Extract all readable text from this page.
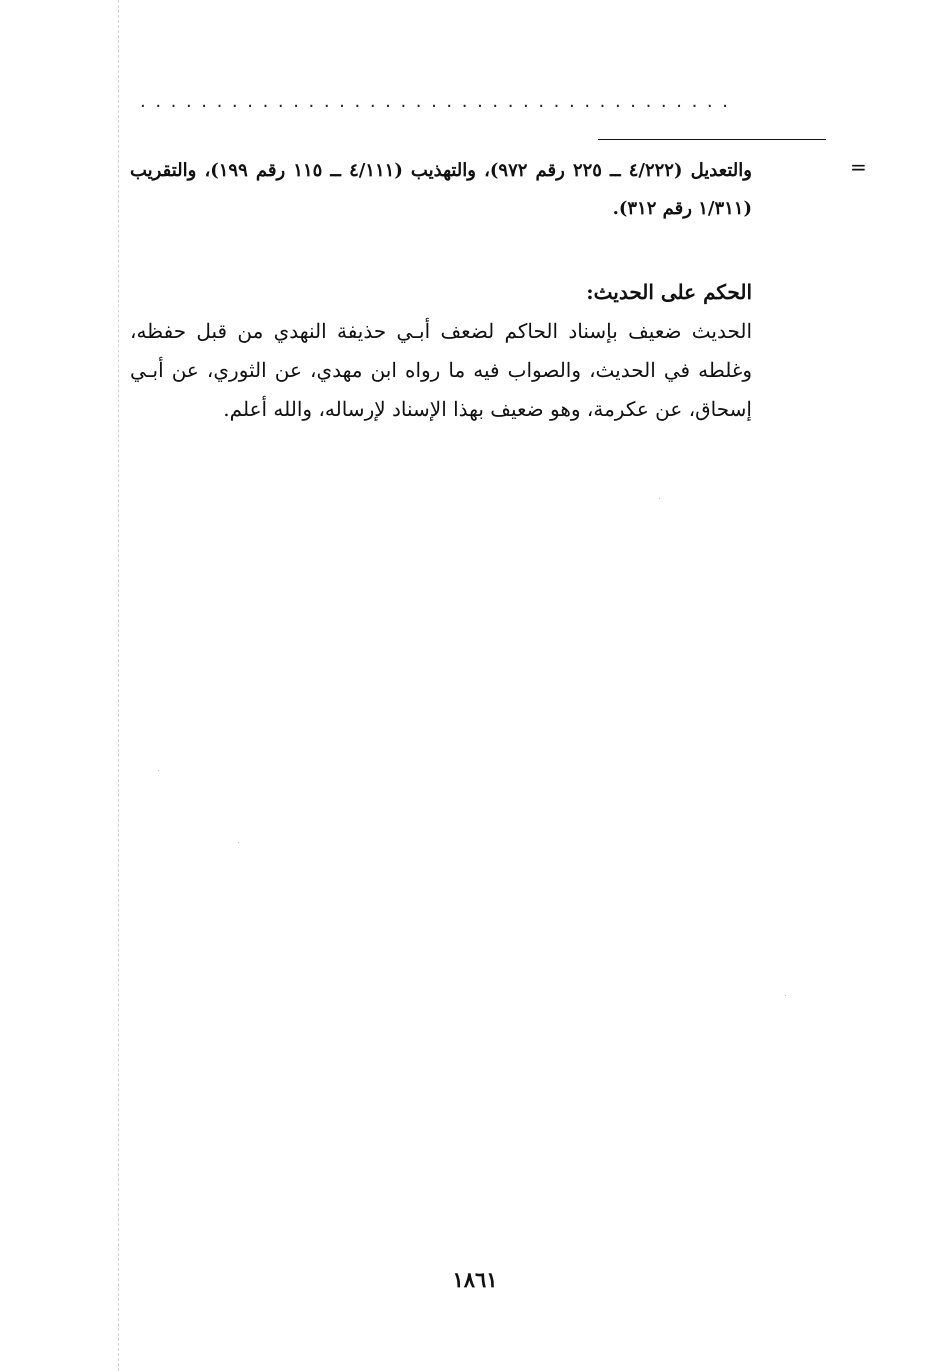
.......................................
=
والتعديل (٤/٢٢٢ ــ ٢٢٥ رقم ٩٧٢)، والتهذيب (٤/١١١ ــ ١١٥ رقم ١٩٩)، والتقريب (١/٣١١ رقم ٣١٢).
الحكم على الحديث:
الحديث ضعيف بإسناد الحاكم لضعف أبـي حذيفة النهدي من قبل حفظه، وغلطه في الحديث، والصواب فيه ما رواه ابن مهدي، عن الثوري، عن أبـي إسحاق، عن عكرمة، وهو ضعيف بهذا الإسناد لإرساله، والله أعلم.
١٨٦١
